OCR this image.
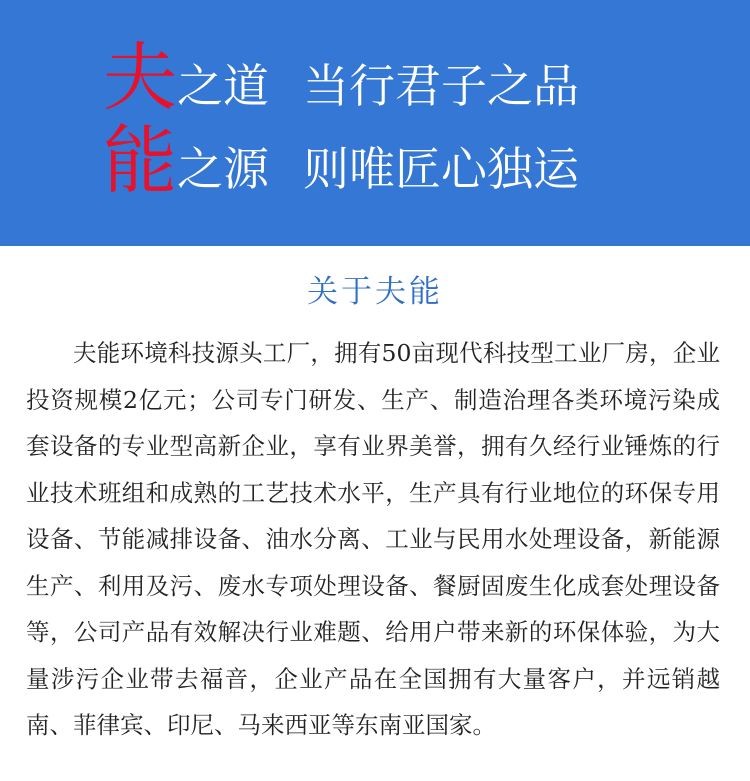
夫之道 当行君子之品
能之源 则唯匠心独运
关于夫能

夫能环境科技源头工厂，拥有50亩现代科技型工业厂房，企业投资规模2亿元；公司专门研发、生产、制造治理各类环境污染成套设备的专业型高新企业，享有业界美誉，拥有久经行业锤炼的行业技术班组和成熟的工艺技术水平，生产具有行业地位的环保专用设备、节能减排设备、油水分离、工业与民用水处理设备，新能源生产、利用及污、废水专项处理设备、餐厨固废生化成套处理设备等，公司产品有效解决行业难题、给用户带来新的环保体验，为大量涉污企业带去福音，企业产品在全国拥有大量客户，并远销越南、菲律宾、印尼、马来西亚等东南亚国家。
